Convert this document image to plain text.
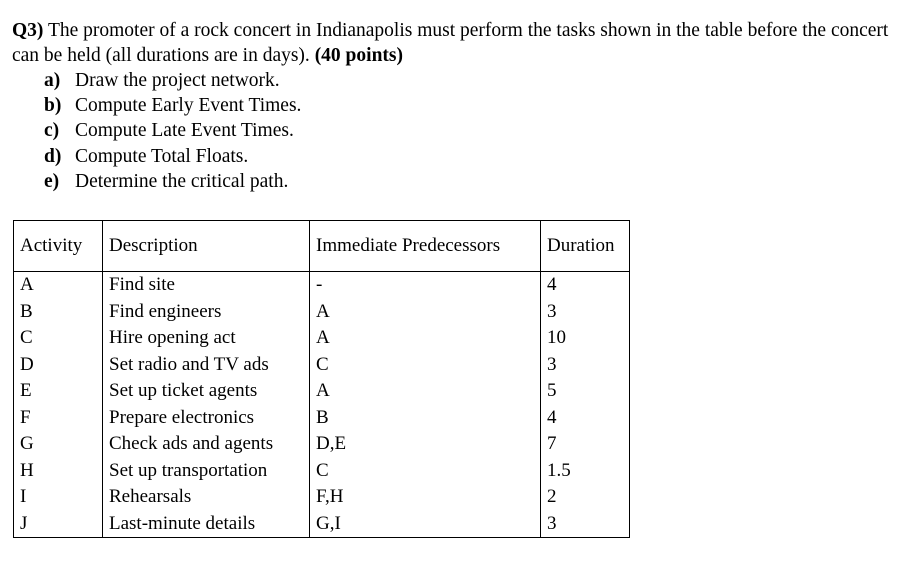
Q3) The promoter of a rock concert in Indianapolis must perform the tasks shown in the table before the concert can be held (all durations are in days). (40 points)
a) Draw the project network.
b) Compute Early Event Times.
c) Compute Late Event Times.
d) Compute Total Floats.
e) Determine the critical path.
Activity	Description	Immediate Predecessors	Duration
A	Find site	-	4
B	Find engineers	A	3
C	Hire opening act	A	10
D	Set radio and TV ads	C	3
E	Set up ticket agents	A	5
F	Prepare electronics	B	4
G	Check ads and agents	D,E	7
H	Set up transportation	C	1.5
I	Rehearsals	F,H	2
J	Last-minute details	G,I	3
